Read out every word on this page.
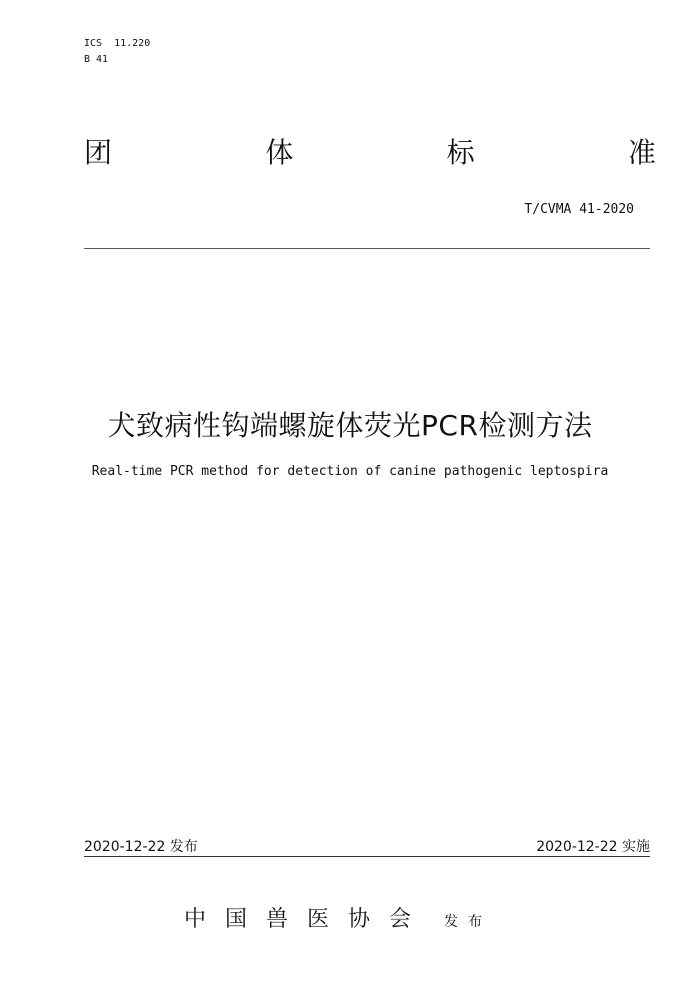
ICS  11.220
B 41
团	体	标	准
T/CVMA 41-2020
犬致病性钩端螺旋体荧光PCR检测方法
Real-time PCR method for detection of canine pathogenic leptospira
2020-12-22 发布	2020-12-22 实施
中国兽医协会 发布
